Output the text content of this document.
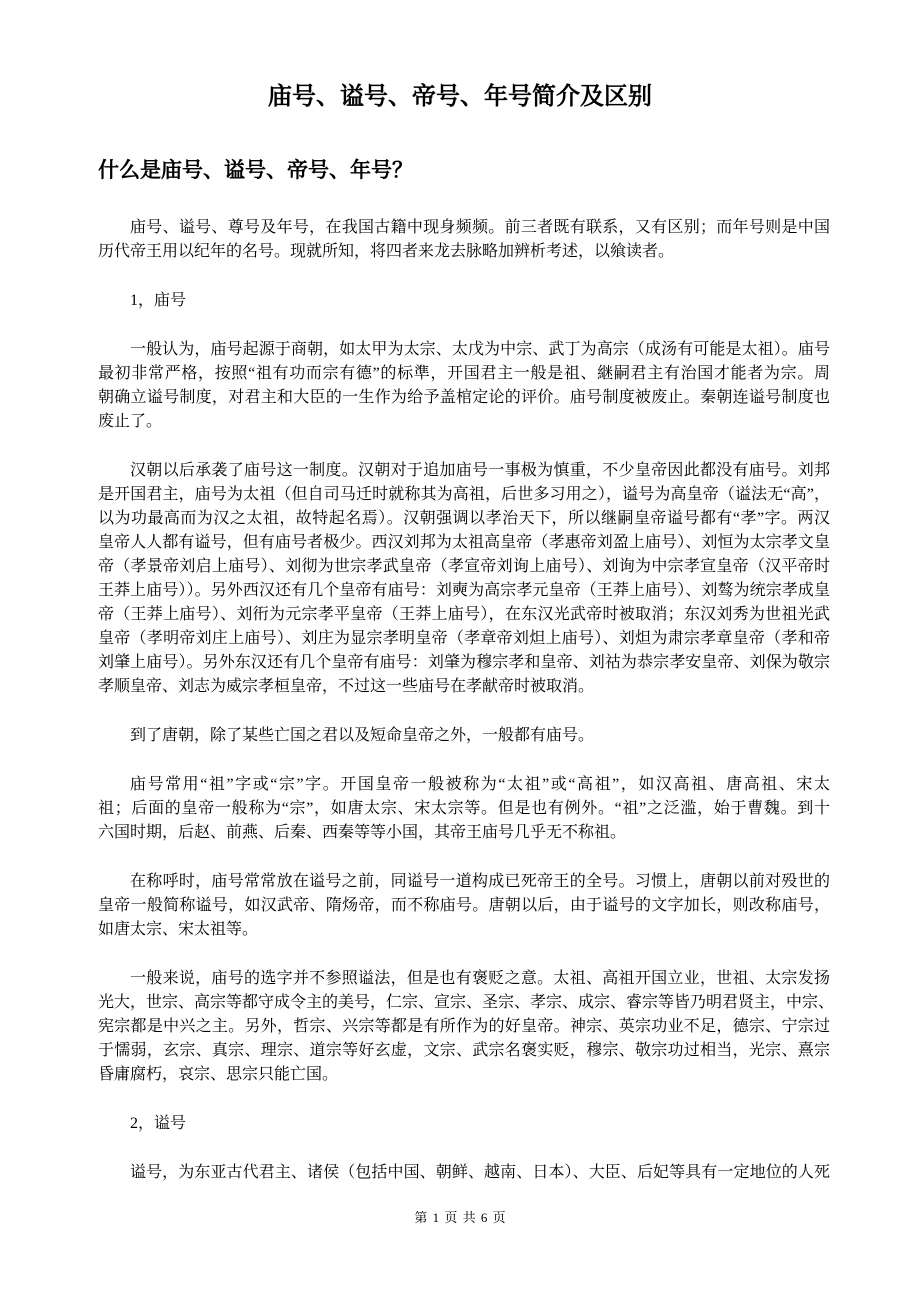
庙号、谥号、帝号、年号简介及区别
什么是庙号、谥号、帝号、年号？
庙号、谥号、尊号及年号，在我国古籍中现身频频。前三者既有联系，又有区别；而年号则是中国
历代帝王用以纪年的名号。现就所知，将四者来龙去脉略加辨析考述，以飨读者。
1，庙号
一般认为，庙号起源于商朝，如太甲为太宗、太戊为中宗、武丁为高宗（成汤有可能是太祖）。庙号
最初非常严格，按照“祖有功而宗有德”的标準，开国君主一般是祖、継嗣君主有治国才能者为宗。周
朝确立谥号制度，对君主和大臣的一生作为给予盖棺定论的评价。庙号制度被废止。秦朝连谥号制度也
废止了。
汉朝以后承袭了庙号这一制度。汉朝对于追加庙号一事极为慎重，不少皇帝因此都没有庙号。刘邦
是开国君主，庙号为太祖（但自司马迁时就称其为高祖，后世多习用之），谥号为高皇帝（谥法无“高”，
以为功最高而为汉之太祖，故特起名焉）。汉朝强调以孝治天下，所以继嗣皇帝谥号都有“孝”字。两汉
皇帝人人都有谥号，但有庙号者极少。西汉刘邦为太祖高皇帝（孝惠帝刘盈上庙号）、刘恒为太宗孝文皇
帝（孝景帝刘启上庙号）、刘彻为世宗孝武皇帝（孝宣帝刘询上庙号）、刘询为中宗孝宣皇帝（汉平帝时
王莽上庙号））。另外西汉还有几个皇帝有庙号：刘奭为高宗孝元皇帝（王莽上庙号）、刘骜为统宗孝成皇
帝（王莽上庙号）、刘衎为元宗孝平皇帝（王莽上庙号），在东汉光武帝时被取消；东汉刘秀为世祖光武
皇帝（孝明帝刘庄上庙号）、刘庄为显宗孝明皇帝（孝章帝刘炟上庙号）、刘炟为肃宗孝章皇帝（孝和帝
刘肇上庙号）。另外东汉还有几个皇帝有庙号：刘肇为穆宗孝和皇帝、刘祜为恭宗孝安皇帝、刘保为敬宗
孝顺皇帝、刘志为威宗孝桓皇帝，不过这一些庙号在孝献帝时被取消。
到了唐朝，除了某些亡国之君以及短命皇帝之外，一般都有庙号。
庙号常用“祖”字或“宗”字。开国皇帝一般被称为“太祖”或“高祖”，如汉高祖、唐高祖、宋太
祖；后面的皇帝一般称为“宗”，如唐太宗、宋太宗等。但是也有例外。“祖”之泛滥，始于曹魏。到十
六国时期，后赵、前燕、后秦、西秦等等小国，其帝王庙号几乎无不称祖。
在称呼时，庙号常常放在谥号之前，同谥号一道构成已死帝王的全号。习惯上，唐朝以前对殁世的
皇帝一般简称谥号，如汉武帝、隋炀帝，而不称庙号。唐朝以后，由于谥号的文字加长，则改称庙号，
如唐太宗、宋太祖等。
一般来说，庙号的选字并不参照谥法，但是也有褒贬之意。太祖、高祖开国立业，世祖、太宗发扬
光大，世宗、高宗等都守成令主的美号，仁宗、宣宗、圣宗、孝宗、成宗、睿宗等皆乃明君贤主，中宗、
宪宗都是中兴之主。另外，哲宗、兴宗等都是有所作为的好皇帝。神宗、英宗功业不足，德宗、宁宗过
于懦弱，玄宗、真宗、理宗、道宗等好玄虚，文宗、武宗名褒实贬，穆宗、敬宗功过相当，光宗、熹宗
昏庸腐朽，哀宗、思宗只能亡国。
2，谥号
谥号，为东亚古代君主、诸侯（包括中国、朝鲜、越南、日本）、大臣、后妃等具有一定地位的人死
第 1 页 共 6 页
